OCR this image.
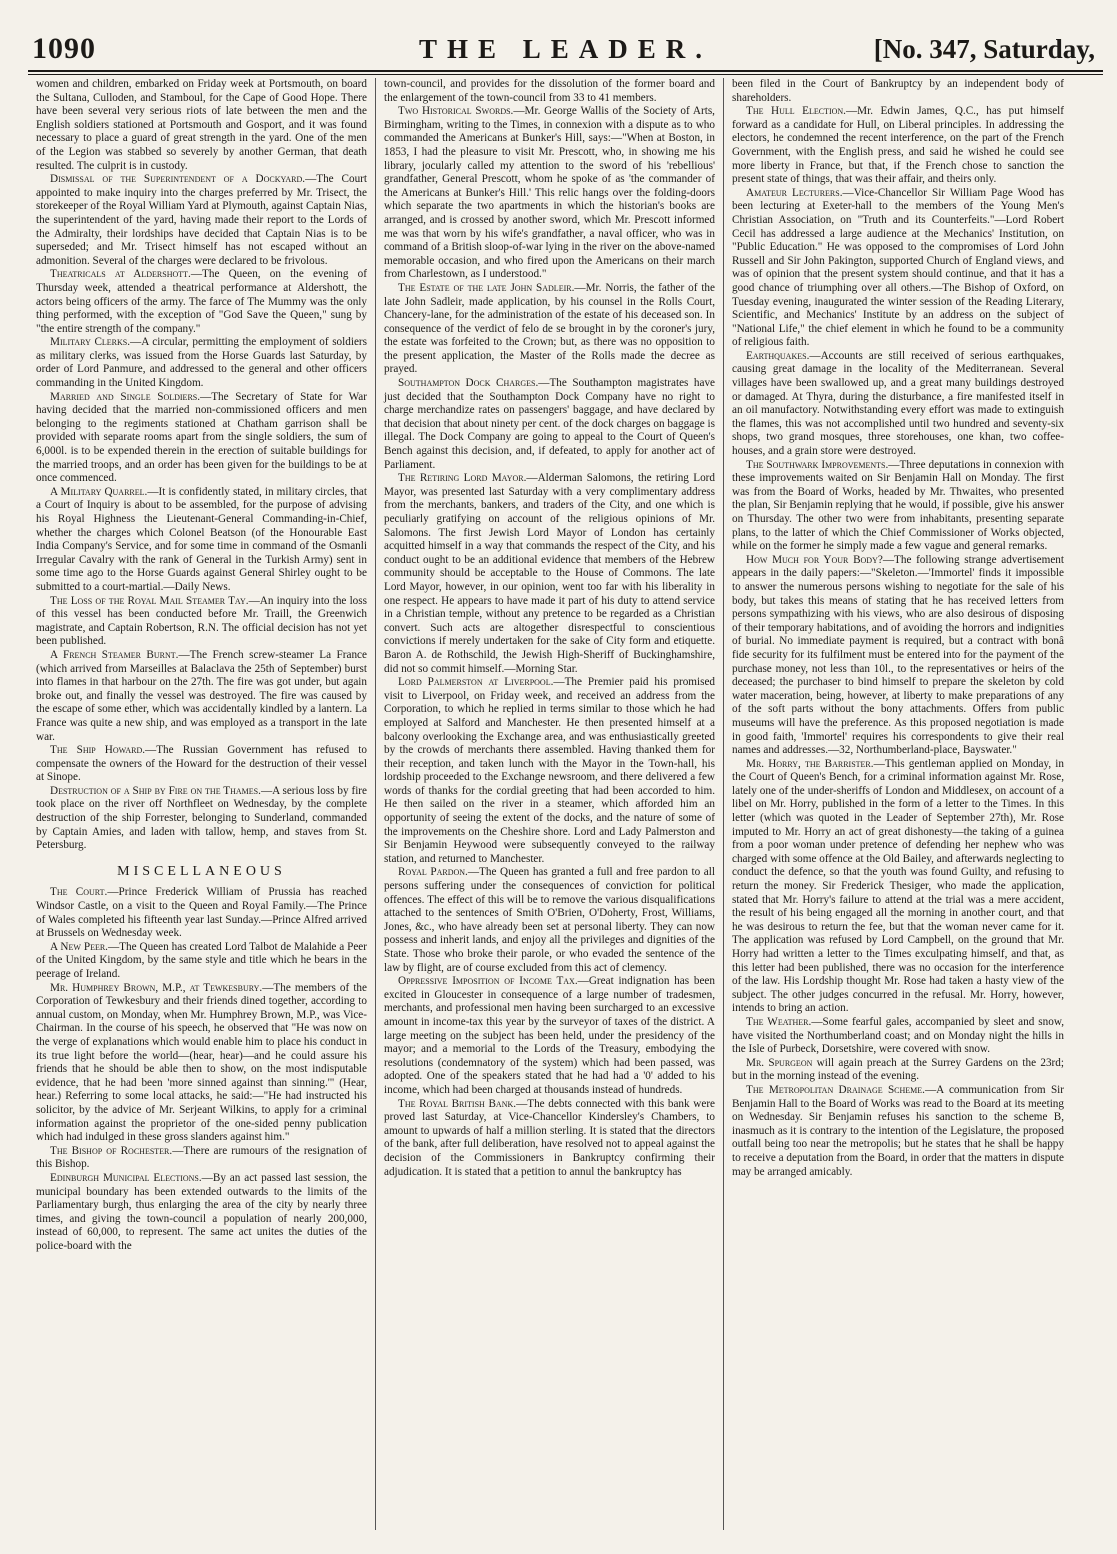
1090	THE LEADER.	[No. 347, Saturday,

women and children, embarked on Friday week at Portsmouth, on board the Sultana, Culloden, and Stamboul, for the Cape of Good Hope. There have been several very serious riots of late between the men and the English soldiers stationed at Portsmouth and Gosport, and it was found necessary to place a guard of great strength in the yard. One of the men of the Legion was stabbed so severely by another German, that death resulted. The culprit is in custody.

Dismissal of the Superintendent of a Dockyard.—The Court appointed to make inquiry into the charges preferred by Mr. Trisect, the storekeeper of the Royal William Yard at Plymouth, against Captain Nias, the superintendent of the yard, having made their report to the Lords of the Admiralty, their lordships have decided that Captain Nias is to be superseded; and Mr. Trisect himself has not escaped without an admonition. Several of the charges were declared to be frivolous.

Theatricals at Aldershott.—The Queen, on the evening of Thursday week, attended a theatrical performance at Aldershott, the actors being officers of the army. The farce of The Mummy was the only thing performed, with the exception of "God Save the Queen," sung by "the entire strength of the company."

Military Clerks.—A circular, permitting the employment of soldiers as military clerks, was issued from the Horse Guards last Saturday, by order of Lord Panmure, and addressed to the general and other officers commanding in the United Kingdom.

Married and Single Soldiers.—The Secretary of State for War having decided that the married non-commissioned officers and men belonging to the regiments stationed at Chatham garrison shall be provided with separate rooms apart from the single soldiers, the sum of 6,000l. is to be expended therein in the erection of suitable buildings for the married troops, and an order has been given for the buildings to be at once commenced.

A Military Quarrel.—It is confidently stated, in military circles, that a Court of Inquiry is about to be assembled, for the purpose of advising his Royal Highness the Lieutenant-General Commanding-in-Chief, whether the charges which Colonel Beatson (of the Honourable East India Company's Service, and for some time in command of the Osmanli Irregular Cavalry with the rank of General in the Turkish Army) sent in some time ago to the Horse Guards against General Shirley ought to be submitted to a court-martial.—Daily News.

The Loss of the Royal Mail Steamer Tay.—An inquiry into the loss of this vessel has been conducted before Mr. Traill, the Greenwich magistrate, and Captain Robertson, R.N. The official decision has not yet been published.

A French Steamer Burnt.—The French screw-steamer La France (which arrived from Marseilles at Balaclava the 25th of September) burst into flames in that harbour on the 27th. The fire was got under, but again broke out, and finally the vessel was destroyed. The fire was caused by the escape of some ether, which was accidentally kindled by a lantern. La France was quite a new ship, and was employed as a transport in the late war.

The Ship Howard.—The Russian Government has refused to compensate the owners of the Howard for the destruction of their vessel at Sinope.

Destruction of a Ship by Fire on the Thames.—A serious loss by fire took place on the river off Northfleet on Wednesday, by the complete destruction of the ship Forrester, belonging to Sunderland, commanded by Captain Amies, and laden with tallow, hemp, and staves from St. Petersburg.

MISCELLANEOUS

The Court.—Prince Frederick William of Prussia has reached Windsor Castle, on a visit to the Queen and Royal Family.—The Prince of Wales completed his fifteenth year last Sunday.—Prince Alfred arrived at Brussels on Wednesday week.

A New Peer.—The Queen has created Lord Talbot de Malahide a Peer of the United Kingdom, by the same style and title which he bears in the peerage of Ireland.

Mr. Humphrey Brown, M.P., at Tewkesbury.—The members of the Corporation of Tewkesbury and their friends dined together, according to annual custom, on Monday, when Mr. Humphrey Brown, M.P., was Vice-Chairman. In the course of his speech, he observed that "He was now on the verge of explanations which would enable him to place his conduct in its true light before the world—(hear, hear)—and he could assure his friends that he should be able then to show, on the most indisputable evidence, that he had been 'more sinned against than sinning.'" (Hear, hear.) Referring to some local attacks, he said:—"He had instructed his solicitor, by the advice of Mr. Serjeant Wilkins, to apply for a criminal information against the proprietor of the one-sided penny publication which had indulged in these gross slanders against him."

The Bishop of Rochester.—There are rumours of the resignation of this Bishop.

Edinburgh Municipal Elections.—By an act passed last session, the municipal boundary has been extended outwards to the limits of the Parliamentary burgh, thus enlarging the area of the city by nearly three times, and giving the town-council a population of nearly 200,000, instead of 60,000, to represent. The same act unites the duties of the police-board with the

town-council, and provides for the dissolution of the former board and the enlargement of the town-council from 33 to 41 members.

Two Historical Swords.—Mr. George Wallis of the Society of Arts, Birmingham, writing to the Times, in connexion with a dispute as to who commanded the Americans at Bunker's Hill, says:—"When at Boston, in 1853, I had the pleasure to visit Mr. Prescott, who, in showing me his library, jocularly called my attention to the sword of his 'rebellious' grandfather, General Prescott, whom he spoke of as 'the commander of the Americans at Bunker's Hill.' This relic hangs over the folding-doors which separate the two apartments in which the historian's books are arranged, and is crossed by another sword, which Mr. Prescott informed me was that worn by his wife's grandfather, a naval officer, who was in command of a British sloop-of-war lying in the river on the above-named memorable occasion, and who fired upon the Americans on their march from Charlestown, as I understood."

The Estate of the late John Sadleir.—Mr. Norris, the father of the late John Sadleir, made application, by his counsel in the Rolls Court, Chancery-lane, for the administration of the estate of his deceased son. In consequence of the verdict of felo de se brought in by the coroner's jury, the estate was forfeited to the Crown; but, as there was no opposition to the present application, the Master of the Rolls made the decree as prayed.

Southampton Dock Charges.—The Southampton magistrates have just decided that the Southampton Dock Company have no right to charge merchandize rates on passengers' baggage, and have declared by that decision that about ninety per cent. of the dock charges on baggage is illegal. The Dock Company are going to appeal to the Court of Queen's Bench against this decision, and, if defeated, to apply for another act of Parliament.

The Retiring Lord Mayor.—Alderman Salomons, the retiring Lord Mayor, was presented last Saturday with a very complimentary address from the merchants, bankers, and traders of the City, and one which is peculiarly gratifying on account of the religious opinions of Mr. Salomons. The first Jewish Lord Mayor of London has certainly acquitted himself in a way that commands the respect of the City, and his conduct ought to be an additional evidence that members of the Hebrew community should be acceptable to the House of Commons. The late Lord Mayor, however, in our opinion, went too far with his liberality in one respect. He appears to have made it part of his duty to attend service in a Christian temple, without any pretence to be regarded as a Christian convert. Such acts are altogether disrespectful to conscientious convictions if merely undertaken for the sake of City form and etiquette. Baron A. de Rothschild, the Jewish High-Sheriff of Buckinghamshire, did not so commit himself.—Morning Star.

Lord Palmerston at Liverpool.—The Premier paid his promised visit to Liverpool, on Friday week, and received an address from the Corporation, to which he replied in terms similar to those which he had employed at Salford and Manchester. He then presented himself at a balcony overlooking the Exchange area, and was enthusiastically greeted by the crowds of merchants there assembled. Having thanked them for their reception, and taken lunch with the Mayor in the Town-hall, his lordship proceeded to the Exchange newsroom, and there delivered a few words of thanks for the cordial greeting that had been accorded to him. He then sailed on the river in a steamer, which afforded him an opportunity of seeing the extent of the docks, and the nature of some of the improvements on the Cheshire shore. Lord and Lady Palmerston and Sir Benjamin Heywood were subsequently conveyed to the railway station, and returned to Manchester.

Royal Pardon.—The Queen has granted a full and free pardon to all persons suffering under the consequences of conviction for political offences. The effect of this will be to remove the various disqualifications attached to the sentences of Smith O'Brien, O'Doherty, Frost, Williams, Jones, &c., who have already been set at personal liberty. They can now possess and inherit lands, and enjoy all the privileges and dignities of the State. Those who broke their parole, or who evaded the sentence of the law by flight, are of course excluded from this act of clemency.

Oppressive Imposition of Income Tax.—Great indignation has been excited in Gloucester in consequence of a large number of tradesmen, merchants, and professional men having been surcharged to an excessive amount in income-tax this year by the surveyor of taxes of the district. A large meeting on the subject has been held, under the presidency of the mayor; and a memorial to the Lords of the Treasury, embodying the resolutions (condemnatory of the system) which had been passed, was adopted. One of the speakers stated that he had had a '0' added to his income, which had been charged at thousands instead of hundreds.

The Royal British Bank.—The debts connected with this bank were proved last Saturday, at Vice-Chancellor Kindersley's Chambers, to amount to upwards of half a million sterling. It is stated that the directors of the bank, after full deliberation, have resolved not to appeal against the decision of the Commissioners in Bankruptcy confirming their adjudication. It is stated that a petition to annul the bankruptcy has

been filed in the Court of Bankruptcy by an independent body of shareholders.

The Hull Election.—Mr. Edwin James, Q.C., has put himself forward as a candidate for Hull, on Liberal principles. In addressing the electors, he condemned the recent interference, on the part of the French Government, with the English press, and said he wished he could see more liberty in France, but that, if the French chose to sanction the present state of things, that was their affair, and theirs only.

Amateur Lecturers.—Vice-Chancellor Sir William Page Wood has been lecturing at Exeter-hall to the members of the Young Men's Christian Association, on "Truth and its Counterfeits."—Lord Robert Cecil has addressed a large audience at the Mechanics' Institution, on "Public Education." He was opposed to the compromises of Lord John Russell and Sir John Pakington, supported Church of England views, and was of opinion that the present system should continue, and that it has a good chance of triumphing over all others.—The Bishop of Oxford, on Tuesday evening, inaugurated the winter session of the Reading Literary, Scientific, and Mechanics' Institute by an address on the subject of "National Life," the chief element in which he found to be a community of religious faith.

Earthquakes.—Accounts are still received of serious earthquakes, causing great damage in the locality of the Mediterranean. Several villages have been swallowed up, and a great many buildings destroyed or damaged. At Thyra, during the disturbance, a fire manifested itself in an oil manufactory. Notwithstanding every effort was made to extinguish the flames, this was not accomplished until two hundred and seventy-six shops, two grand mosques, three storehouses, one khan, two coffee-houses, and a grain store were destroyed.

The Southwark Improvements.—Three deputations in connexion with these improvements waited on Sir Benjamin Hall on Monday. The first was from the Board of Works, headed by Mr. Thwaites, who presented the plan, Sir Benjamin replying that he would, if possible, give his answer on Thursday. The other two were from inhabitants, presenting separate plans, to the latter of which the Chief Commissioner of Works objected, while on the former he simply made a few vague and general remarks.

How Much for Your Body?—The following strange advertisement appears in the daily papers:—"Skeleton.—'Immortel' finds it impossible to answer the numerous persons wishing to negotiate for the sale of his body, but takes this means of stating that he has received letters from persons sympathizing with his views, who are also desirous of disposing of their temporary habitations, and of avoiding the horrors and indignities of burial. No immediate payment is required, but a contract with bonâ fide security for its fulfilment must be entered into for the payment of the purchase money, not less than 10l., to the representatives or heirs of the deceased; the purchaser to bind himself to prepare the skeleton by cold water maceration, being, however, at liberty to make preparations of any of the soft parts without the bony attachments. Offers from public museums will have the preference. As this proposed negotiation is made in good faith, 'Immortel' requires his correspondents to give their real names and addresses.—32, Northumberland-place, Bayswater."

Mr. Horry, the Barrister.—This gentleman applied on Monday, in the Court of Queen's Bench, for a criminal information against Mr. Rose, lately one of the under-sheriffs of London and Middlesex, on account of a libel on Mr. Horry, published in the form of a letter to the Times. In this letter (which was quoted in the Leader of September 27th), Mr. Rose imputed to Mr. Horry an act of great dishonesty—the taking of a guinea from a poor woman under pretence of defending her nephew who was charged with some offence at the Old Bailey, and afterwards neglecting to conduct the defence, so that the youth was found Guilty, and refusing to return the money. Sir Frederick Thesiger, who made the application, stated that Mr. Horry's failure to attend at the trial was a mere accident, the result of his being engaged all the morning in another court, and that he was desirous to return the fee, but that the woman never came for it. The application was refused by Lord Campbell, on the ground that Mr. Horry had written a letter to the Times exculpating himself, and that, as this letter had been published, there was no occasion for the interference of the law. His Lordship thought Mr. Rose had taken a hasty view of the subject. The other judges concurred in the refusal. Mr. Horry, however, intends to bring an action.

The Weather.—Some fearful gales, accompanied by sleet and snow, have visited the Northumberland coast; and on Monday night the hills in the Isle of Purbeck, Dorsetshire, were covered with snow.

Mr. Spurgeon will again preach at the Surrey Gardens on the 23rd; but in the morning instead of the evening.

The Metropolitan Drainage Scheme.—A communication from Sir Benjamin Hall to the Board of Works was read to the Board at its meeting on Wednesday. Sir Benjamin refuses his sanction to the scheme B, inasmuch as it is contrary to the intention of the Legislature, the proposed outfall being too near the metropolis; but he states that he shall be happy to receive a deputation from the Board, in order that the matters in dispute may be arranged amicably.
